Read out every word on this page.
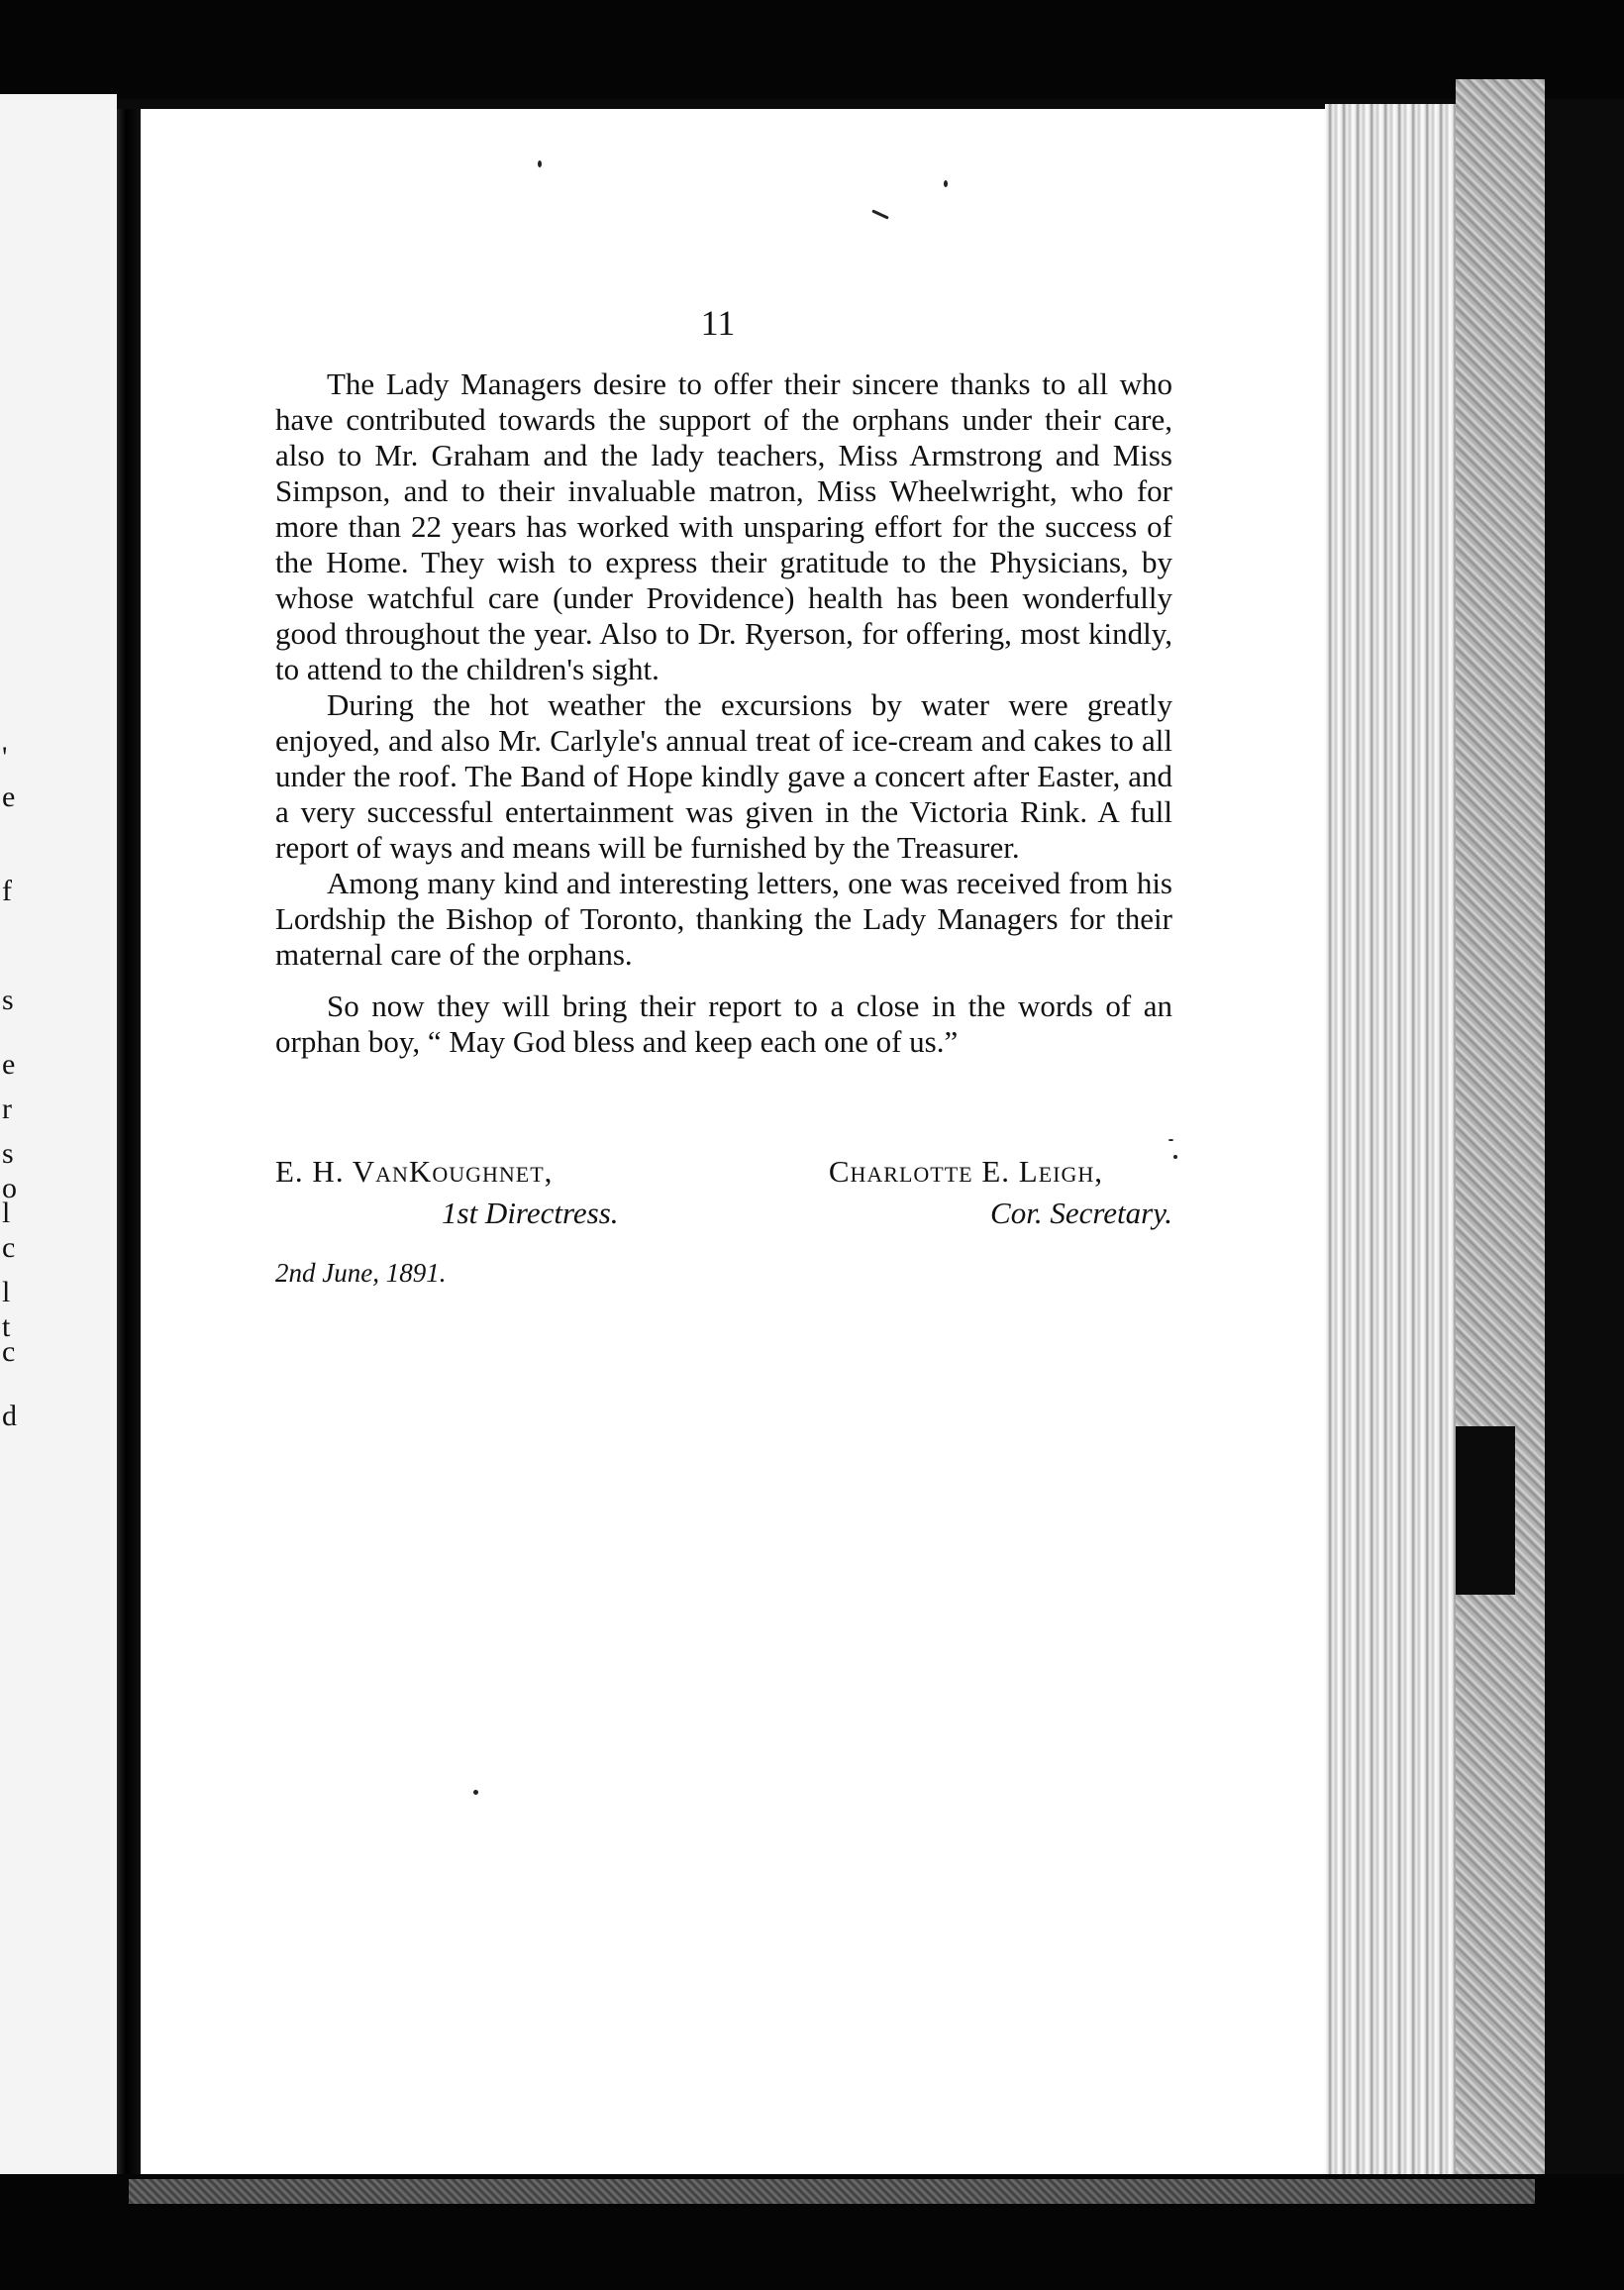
'
e
f
s
e
r
s
o
l
c
l
t
c
d
11

The Lady Managers desire to offer their sincere thanks to all who have contributed towards the support of the orphans under their care, also to Mr. Graham and the lady teachers, Miss Armstrong and Miss Simpson, and to their invaluable matron, Miss Wheelwright, who for more than 22 years has worked with unsparing effort for the success of the Home. They wish to express their gratitude to the Physicians, by whose watchful care (under Providence) health has been wonderfully good throughout the year. Also to Dr. Ryerson, for offering, most kindly, to attend to the children's sight.

During the hot weather the excursions by water were greatly enjoyed, and also Mr. Carlyle's annual treat of ice-cream and cakes to all under the roof. The Band of Hope kindly gave a concert after Easter, and a very successful entertainment was given in the Victoria Rink. A full report of ways and means will be furnished by the Treasurer.

Among many kind and interesting letters, one was received from his Lordship the Bishop of Toronto, thanking the Lady Managers for their maternal care of the orphans.

So now they will bring their report to a close in the words of an orphan boy, “ May God bless and keep each one of us.”

E. H. VanKoughnet,
1st Directress.
Charlotte E. Leigh,
Cor. Secretary.
2nd June, 1891.
